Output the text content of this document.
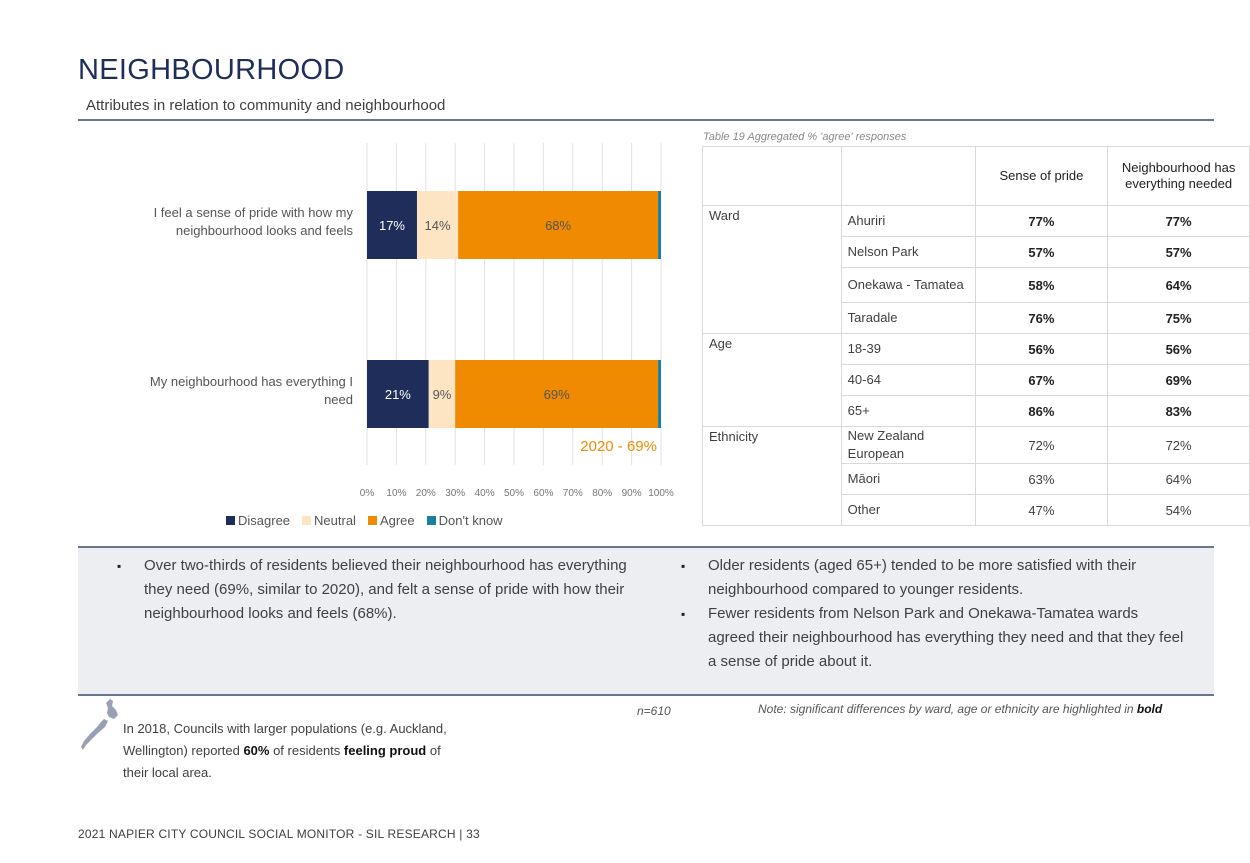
NEIGHBOURHOOD
Attributes in relation to community and neighbourhood
0% 10% 20% 30% 40% 50% 60% 70% 80% 90% 100%
I feel a sense of pride with how my neighbourhood looks and feels 17% 14%	68%
My neighbourhood has everything I need 21% 9%	69%
2020 - 69%
Disagree Neutral Agree Don't know
Table 19 Aggregated % 'agree' responses
		Sense of pride	Neighbourhood has everything needed
Ward	Ahuriri	77%	77%
	Nelson Park	57%	57%
	Onekawa - Tamatea	58%	64%
	Taradale	76%	75%
Age	18-39	56%	56%
	40-64	67%	69%
	65+	86%	83%
Ethnicity	New Zealand European	72%	72%
	Māori	63%	64%
	Other	47%	54%
▪ Over two-thirds of residents believed their neighbourhood has everything they need (69%, similar to 2020), and felt a sense of pride with how their neighbourhood looks and feels (68%).
▪ Older residents (aged 65+) tended to be more satisfied with their neighbourhood compared to younger residents.
▪ Fewer residents from Nelson Park and Onekawa-Tamatea wards agreed their neighbourhood has everything they need and that they feel a sense of pride about it.
In 2018, Councils with larger populations (e.g. Auckland, Wellington) reported 60% of residents feeling proud of their local area.
n=610	Note: significant differences by ward, age or ethnicity are highlighted in bold
2021 NAPIER CITY COUNCIL SOCIAL MONITOR - SIL RESEARCH | 33
